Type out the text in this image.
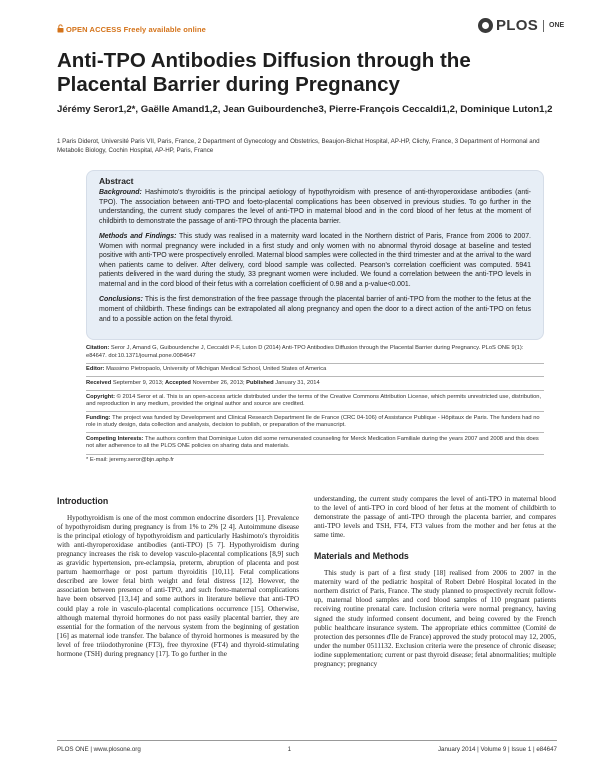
OPEN ACCESS Freely available online	PLOS ONE
Anti-TPO Antibodies Diffusion through the Placental Barrier during Pregnancy
Jérémy Seror1,2*, Gaëlle Amand1,2, Jean Guibourdenche3, Pierre-François Ceccaldi1,2, Dominique Luton1,2
1 Paris Diderot, Université Paris VII, Paris, France, 2 Department of Gynecology and Obstetrics, Beaujon-Bichat Hospital, AP-HP, Clichy, France, 3 Department of Hormonal and Metabolic Biology, Cochin Hospital, AP-HP, Paris, France
Abstract

Background: Hashimoto's thyroiditis is the principal aetiology of hypothyroidism with presence of anti-thyroperoxidase antibodies (anti-TPO). The association between anti-TPO and foeto-placental complications has been observed in previous studies. To go further in the understanding, the current study compares the level of anti-TPO in maternal blood and in the cord blood of her fetus at the moment of childbirth to demonstrate the passage of anti-TPO through the placenta barrier.

Methods and Findings: This study was realised in a maternity ward located in the Northern district of Paris, France from 2006 to 2007. Women with normal pregnancy were included in a first study and only women with no abnormal thyroid dosage at baseline and tested positive with anti-TPO were prospectively enrolled. Maternal blood samples were collected in the third trimester and at the arrival to the ward when patients came to deliver. After delivery, cord blood sample was collected. Pearson's correlation coefficient was computed. 5941 patients delivered in the ward during the study, 33 pregnant women were included. We found a correlation between the anti-TPO levels in maternal and in the cord blood of their fetus with a correlation coefficient of 0.98 and a p-value<0.001.

Conclusions: This is the first demonstration of the free passage through the placental barrier of anti-TPO from the mother to the fetus at the moment of childbirth. These findings can be extrapolated all along pregnancy and open the door to a direct action of the anti-TPO on fetus and to a possible action on the fetal thyroid.

Citation: Seror J, Amand G, Guibourdenche J, Ceccaldi P-F, Luton D (2014) Anti-TPO Antibodies Diffusion through the Placental Barrier during Pregnancy. PLoS ONE 9(1): e84647. doi:10.1371/journal.pone.0084647

Editor: Massimo Pietropaolo, University of Michigan Medical School, United States of America

Received September 9, 2013; Accepted November 26, 2013; Published January 31, 2014

Copyright: © 2014 Seror et al. This is an open-access article distributed under the terms of the Creative Commons Attribution License, which permits unrestricted use, distribution, and reproduction in any medium, provided the original author and source are credited.

Funding: The project was funded by Development and Clinical Research Department Ile de France (CRC 04-106) of Assistance Publique - Hôpitaux de Paris. The funders had no role in study design, data collection and analysis, decision to publish, or preparation of the manuscript.

Competing Interests: The authors confirm that Dominique Luton did some remunerated counseling for Merck Medication Familiale during the years 2007 and 2008 and this does not alter adherence to all the PLOS ONE policies on sharing data and materials.

* E-mail: jeremy.seror@bjn.aphp.fr

Introduction

Hypothyroidism is one of the most common endocrine disorders [1]. Prevalence of hypothyroidism during pregnancy is from 1% to 2% [2 4]. Autoimmune disease is the principal etiology of hypothyroidism and particularly Hashimoto's thyroiditis with anti-thyroperoxidase antibodies (anti-TPO) [5 7]. Hypothyroidism during pregnancy increases the risk to develop vasculo-placental complications [8,9] such as gravidic hypertension, pre-eclampsia, preterm, abruption of placenta and post partum haemorrhage or post partum thyroiditis [10,11]. Fetal complications described are lower fetal birth weight and fetal distress [12]. However, the association between presence of anti-TPO, and such foeto-maternal complications have been observed [13,14] and some authors in literature believe that anti-TPO could play a role in vasculo-placental complications occurrence [15]. Otherwise, although maternal thyroid hormones do not pass easily placental barrier, they are essential for the formation of the nervous system from the beginning of gestation [16] as maternal iode transfer. The balance of thyroid hormones is measured by the level of free triiodothyronine (FT3), free thyroxine (FT4) and thyroid-stimulating hormone (TSH) during pregnancy [17]. To go further in the

understanding, the current study compares the level of anti-TPO in maternal blood to the level of anti-TPO in cord blood of her fetus at the moment of childbirth to demonstrate the passage of anti-TPO through the placenta barrier, and compares anti-TPO levels and TSH, FT4, FT3 values from the mother and her fetus at the same time.

Materials and Methods

This study is part of a first study [18] realised from 2006 to 2007 in the maternity ward of the pediatric hospital of Robert Debré Hospital located in the northern district of Paris, France. The study planned to prospectively recruit follow-up, maternal blood samples and cord blood samples of 110 pregnant patients receiving routine prenatal care. Inclusion criteria were normal pregnancy, having signed the study informed consent document, and being covered by the French public healthcare insurance system. The appropriate ethics committee (Comité de protection des personnes d'Ile de France) approved the study protocol may 12, 2005, under the number 0511132. Exclusion criteria were the presence of chronic disease; iodine supplementation; current or past thyroid disease; fetal abnormalities; multiple pregnancy; pregnancy

PLOS ONE | www.plosone.org	1	January 2014 | Volume 9 | Issue 1 | e84647
